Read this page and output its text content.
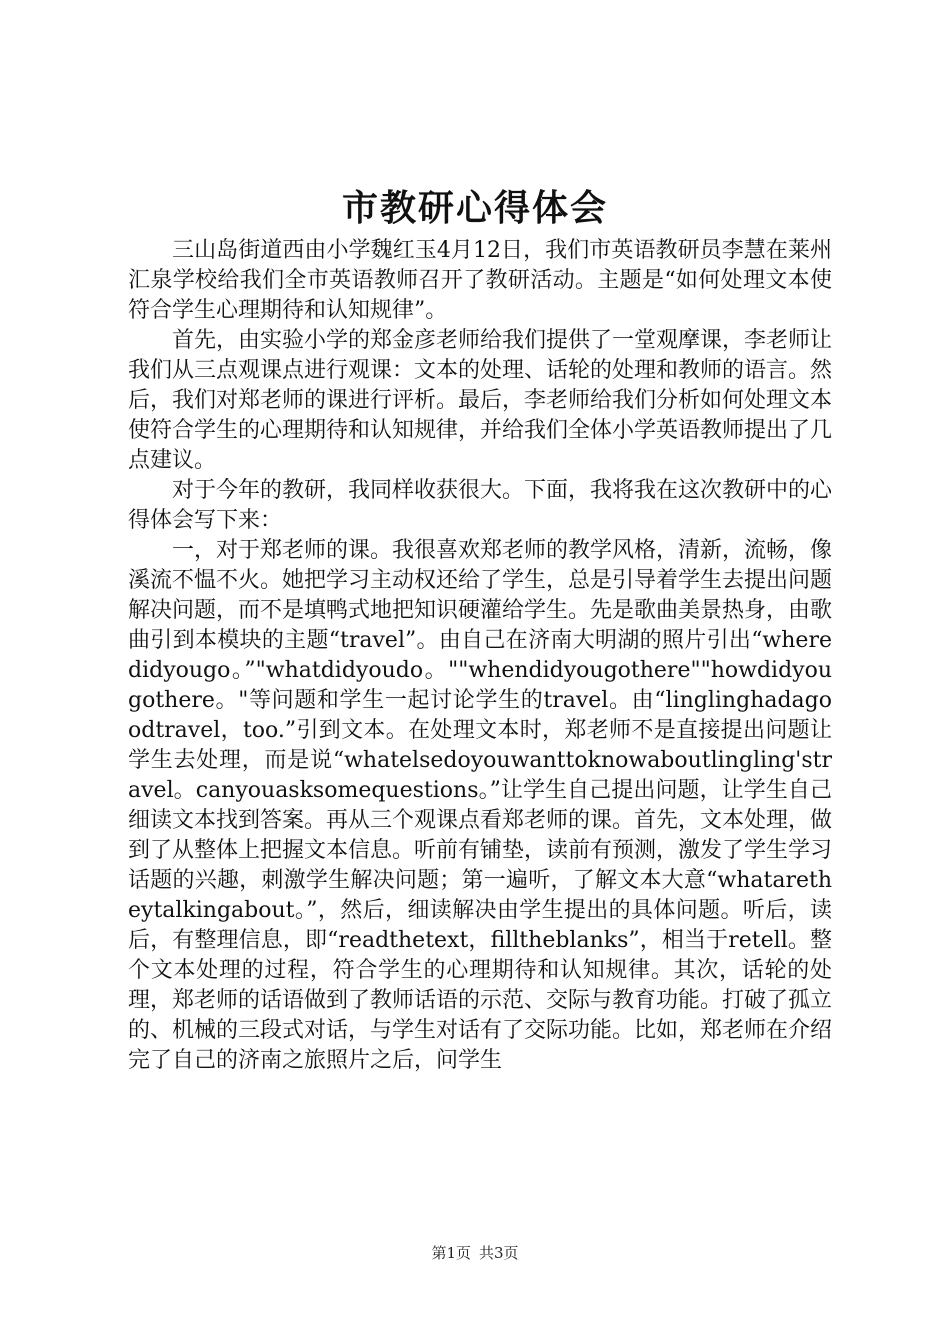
市教研心得体会

三山岛街道西由小学魏红玉4月12日，我们市英语教研员李慧在莱州汇泉学校给我们全市英语教师召开了教研活动。主题是“如何处理文本使符合学生心理期待和认知规律”。

首先，由实验小学的郑金彦老师给我们提供了一堂观摩课，李老师让我们从三点观课点进行观课：文本的处理、话轮的处理和教师的语言。然后，我们对郑老师的课进行评析。最后，李老师给我们分析如何处理文本使符合学生的心理期待和认知规律，并给我们全体小学英语教师提出了几点建议。

对于今年的教研，我同样收获很大。下面，我将我在这次教研中的心得体会写下来：

一，对于郑老师的课。我很喜欢郑老师的教学风格，清新，流畅，像溪流不愠不火。她把学习主动权还给了学生，总是引导着学生去提出问题解决问题，而不是填鸭式地把知识硬灌给学生。先是歌曲美景热身，由歌曲引到本模块的主题“travel”。由自己在济南大明湖的照片引出“wheredidyougo。”"whatdidyoudo。""whendidyougothere""howdidyougothere。"等问题和学生一起讨论学生的travel。由“linglinghadagoodtravel，too.”引到文本。在处理文本时，郑老师不是直接提出问题让学生去处理，而是说“whatelsedoyouwanttoknowaboutlingling'stravel。canyouasksomequestions。”让学生自己提出问题，让学生自己细读文本找到答案。再从三个观课点看郑老师的课。首先，文本处理，做到了从整体上把握文本信息。听前有铺垫，读前有预测，激发了学生学习话题的兴趣，刺激学生解决问题；第一遍听，了解文本大意“whataretheytalkingabout。”，然后，细读解决由学生提出的具体问题。听后，读后，有整理信息，即“readthetext，filltheblanks”，相当于retell。整个文本处理的过程，符合学生的心理期待和认知规律。其次，话轮的处理，郑老师的话语做到了教师话语的示范、交际与教育功能。打破了孤立的、机械的三段式对话，与学生对话有了交际功能。比如，郑老师在介绍完了自己的济南之旅照片之后，问学生

第1页 共3页
